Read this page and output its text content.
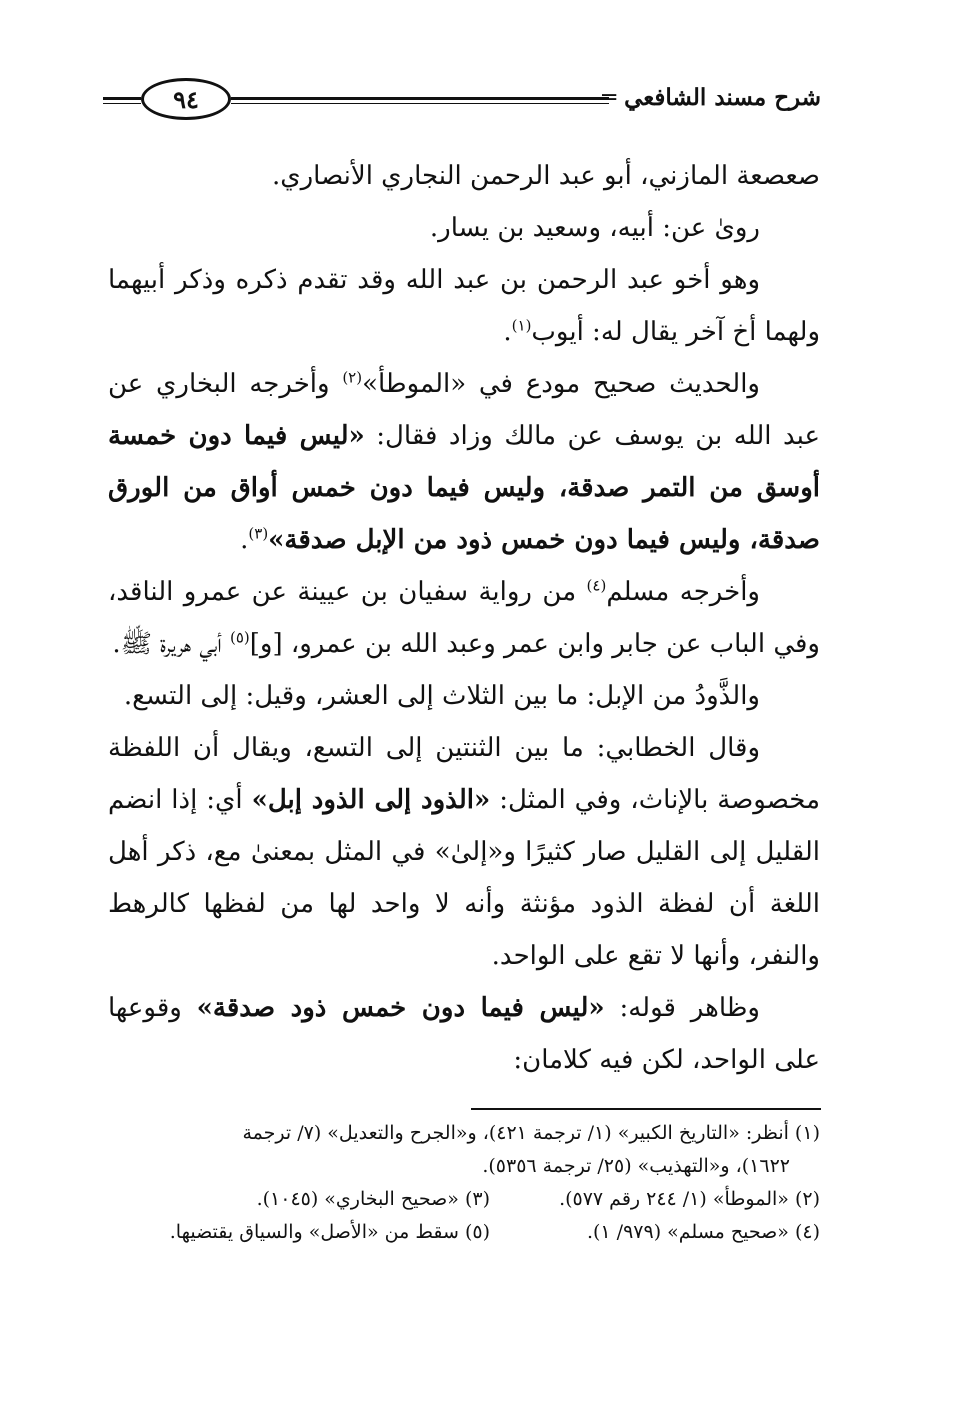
شرح مسند الشافعي ═
٩٤

صعصعة المازني، أبو عبد الرحمن النجاري الأنصاري.

رویٰ عن: أبيه، وسعيد بن يسار.

وهو أخو عبد الرحمن بن عبد الله وقد تقدم ذكره وذكر أبيهما ولهما أخ آخر يقال له: أيوب$^{(١)}$.

والحديث صحيح مودع في «الموطأ»$^{(٢)}$ وأخرجه البخاري عن عبد الله بن يوسف عن مالك وزاد فقال: «ليس فيما دون خمسة أوسق من التمر صدقة، وليس فيما دون خمس أواق من الورق صدقة، وليس فيما دون خمس ذود من الإبل صدقة»$^{(٣)}$.

وأخرجه مسلم$^{(٤)}$ من رواية سفيان بن عيينة عن عمرو الناقد، وفي الباب عن جابر وابن عمر وعبد الله بن عمرو، [و]$^{(٥)}$ أبي هريرة ﷺ.

والذَّودُ من الإبل: ما بين الثلاث إلى العشر، وقيل: إلى التسع.

وقال الخطابي: ما بين الثنتين إلى التسع، ويقال أن اللفظة مخصوصة بالإناث، وفي المثل: «الذود إلى الذود إبل» أي: إذا انضم القليل إلى القليل صار كثيرًا و«إلىٰ» في المثل بمعنىٰ مع، ذكر أهل اللغة أن لفظة الذود مؤنثة وأنه لا واحد لها من لفظها كالرهط والنفر، وأنها لا تقع على الواحد.

وظاهر قوله: «ليس فيما دون خمس ذود صدقة» وقوعها على الواحد، لكن فيه كلامان:

(١) أنظر: «التاريخ الكبير» (١/ ترجمة ٤٢١)، و«الجرح والتعديل» (٧/ ترجمة

١٦٢٢)، و«التهذيب» (٢٥/ ترجمة ٥٣٥٦).

(٢) «الموطأ» (١/ ٢٤٤ رقم ٥٧٧).
(٣) «صحيح البخاري» (١٠٤٥).
(٤) «صحيح مسلم» (٩٧٩/ ١).
(٥) سقط من «الأصل» والسياق يقتضيها.
